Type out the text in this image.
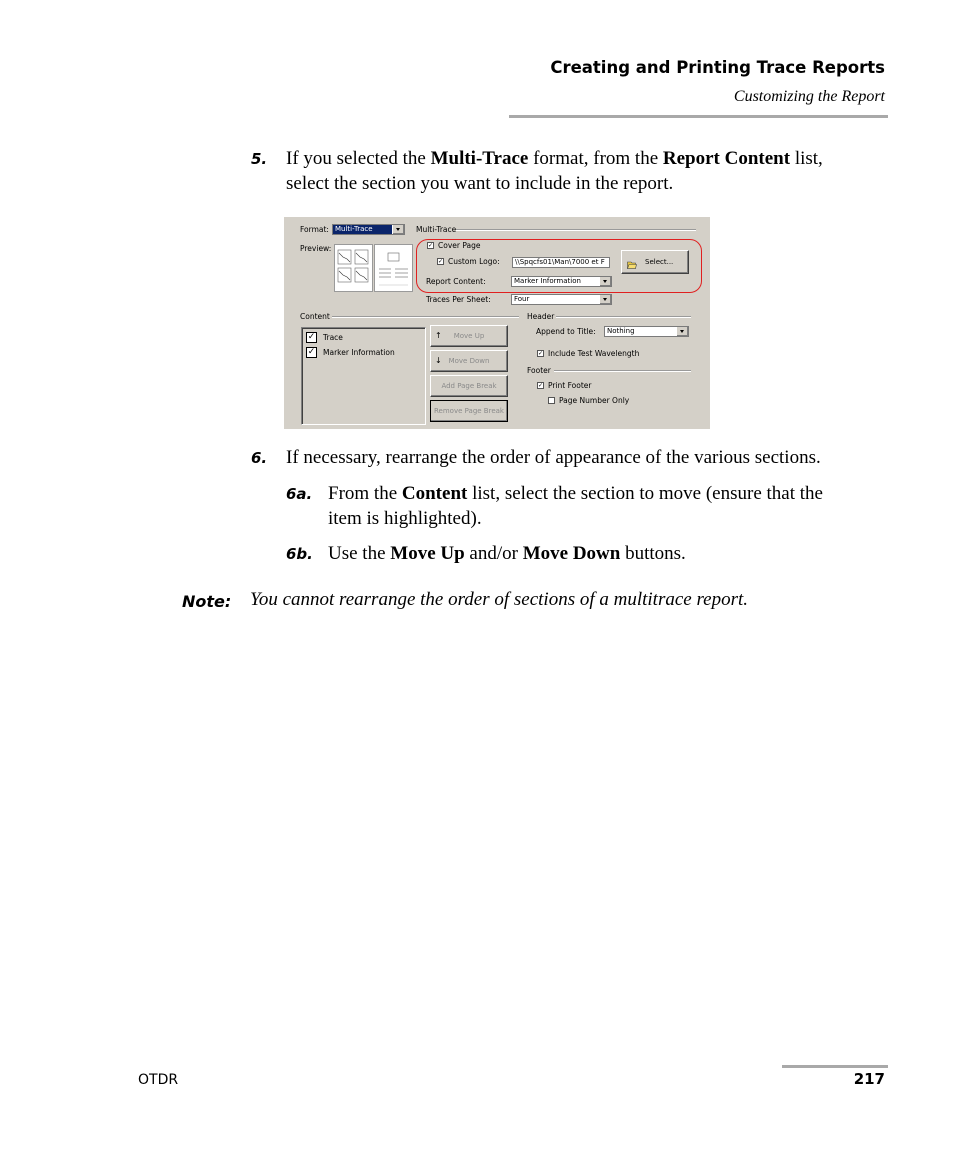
Creating and Printing Trace Reports
Customizing the Report
5. If you selected the Multi-Trace format, from the Report Content list,
select the section you want to include in the report.
Format: Multi-Trace
Preview:
Multi-Trace
✓ Cover Page
✓ Custom Logo: \\Spqcfs01\Man\7000 et F	Select...
Report Content:	Marker Information
Traces Per Sheet:	Four
Content
✓ Trace
✓ Marker Information
↑ Move Up
↓ Move Down
Add Page Break
Remove Page Break
Header
Append to Title: Nothing
✓ Include Test Wavelength
Footer
✓ Print Footer
Page Number Only
6. If necessary, rearrange the order of appearance of the various sections.
6a. From the Content list, select the section to move (ensure that the
item is highlighted).
6b. Use the Move Up and/or Move Down buttons.
Note: You cannot rearrange the order of sections of a multitrace report.
OTDR	217
